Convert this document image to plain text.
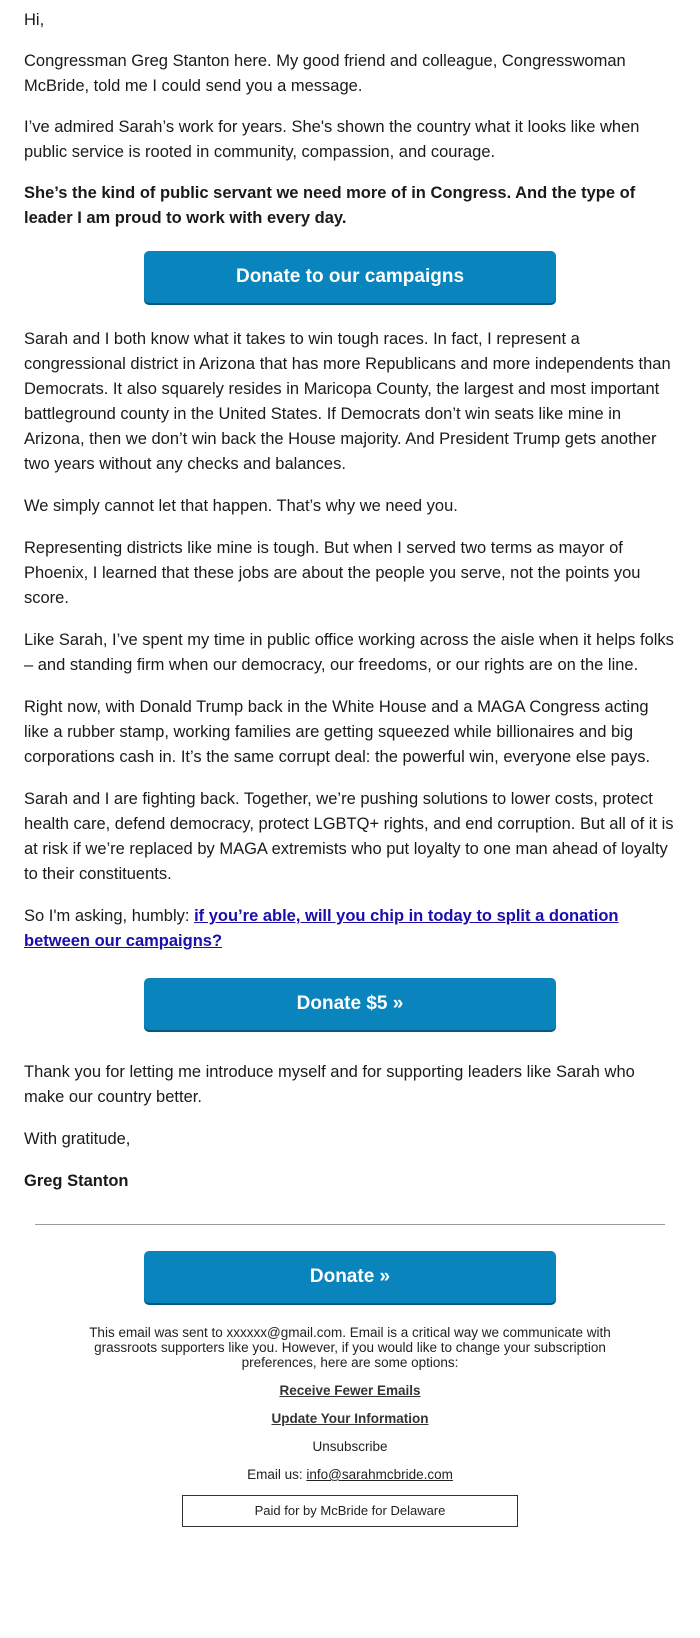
Hi,

Congressman Greg Stanton here. My good friend and colleague, Congresswoman McBride, told me I could send you a message.

I’ve admired Sarah’s work for years. She's shown the country what it looks like when public service is rooted in community, compassion, and courage.

She’s the kind of public servant we need more of in Congress. And the type of leader I am proud to work with every day.

Donate to our campaigns

Sarah and I both know what it takes to win tough races. In fact, I represent a congressional district in Arizona that has more Republicans and more independents than Democrats. It also squarely resides in Maricopa County, the largest and most important battleground county in the United States. If Democrats don’t win seats like mine in Arizona, then we don’t win back the House majority. And President Trump gets another two years without any checks and balances.

We simply cannot let that happen. That’s why we need you.

Representing districts like mine is tough. But when I served two terms as mayor of Phoenix, I learned that these jobs are about the people you serve, not the points you score.

Like Sarah, I’ve spent my time in public office working across the aisle when it helps folks – and standing firm when our democracy, our freedoms, or our rights are on the line.

Right now, with Donald Trump back in the White House and a MAGA Congress acting like a rubber stamp, working families are getting squeezed while billionaires and big corporations cash in. It’s the same corrupt deal: the powerful win, everyone else pays.

Sarah and I are fighting back. Together, we’re pushing solutions to lower costs, protect health care, defend democracy, protect LGBTQ+ rights, and end corruption. But all of it is at risk if we’re replaced by MAGA extremists who put loyalty to one man ahead of loyalty to their constituents.

So I'm asking, humbly: if you’re able, will you chip in today to split a donation between our campaigns?

Donate $5 »

Thank you for letting me introduce myself and for supporting leaders like Sarah who make our country better.

With gratitude,

Greg Stanton

Donate »

This email was sent to xxxxxx@gmail.com. Email is a critical way we communicate with grassroots supporters like you. However, if you would like to change your subscription preferences, here are some options:

Receive Fewer Emails
Update Your Information
Unsubscribe
Email us: info@sarahmcbride.com
Paid for by McBride for Delaware
